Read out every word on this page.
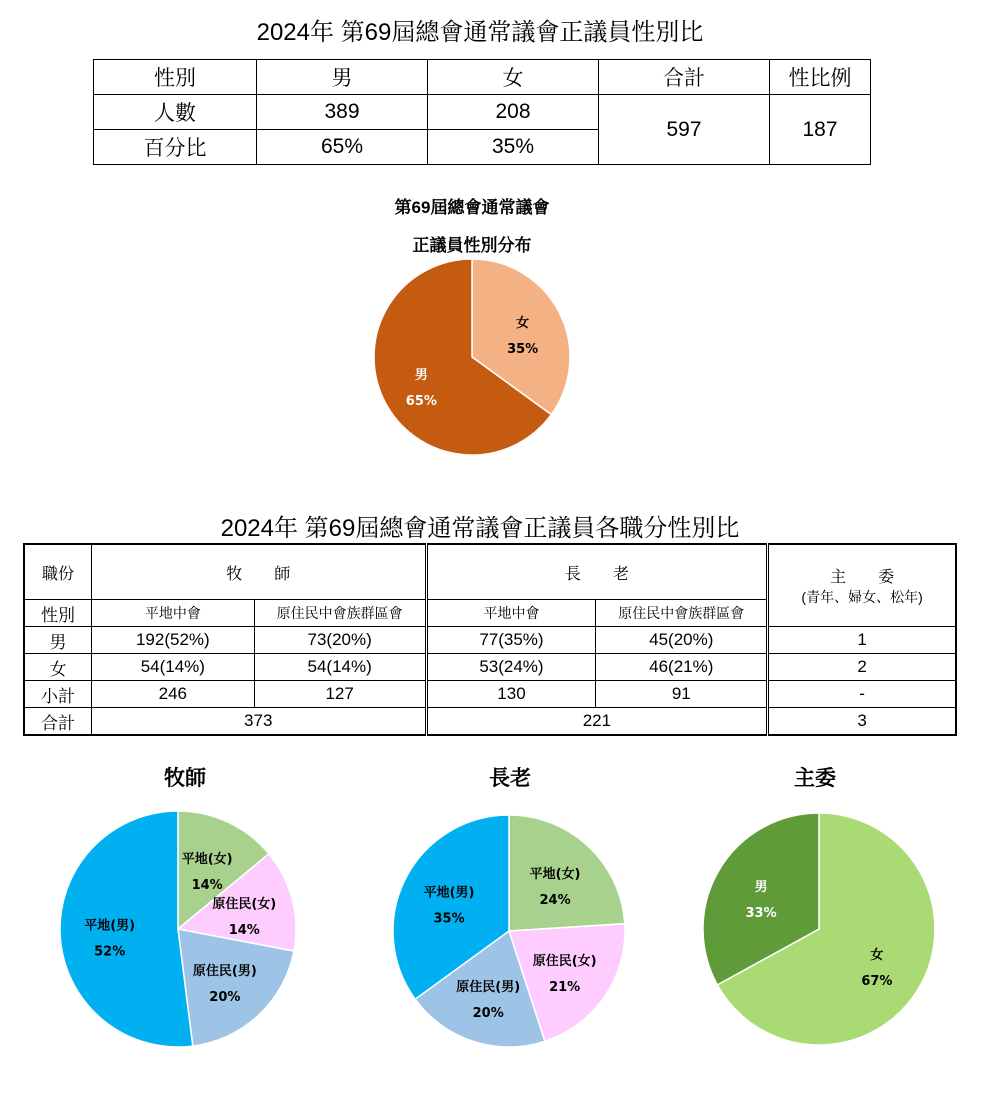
2024年 第69屆總會通常議會正議員性別比
性別	男	女	合計	性比例
人數	389	208	597	187
百分比	65%	35%		
第69屆總會通常議會
正議員性別分布
2024年 第69屆總會通常議會正議員各職分性別比
職份	牧　　師		長　　老		主　　委
(青年、婦女、松年)

性別	平地中會	原住民中會族群區會	平地中會	原住民中會族群區會	
男	192(52%)	73(20%)	77(35%)	45(20%)	1
女	54(14%)	54(14%)	53(24%)	46(21%)	2
小計	246	127	130	91	-
合計	373		221		3
牧師	長老	主委
女
35%
男
65%
平地(女)
14%
原住民(女)
14%
原住民(男)
20%
平地(男)
52%
平地(女)
24%
原住民(女)
21%
原住民(男)
20%
平地(男)
35%
女
67%
男
33%
